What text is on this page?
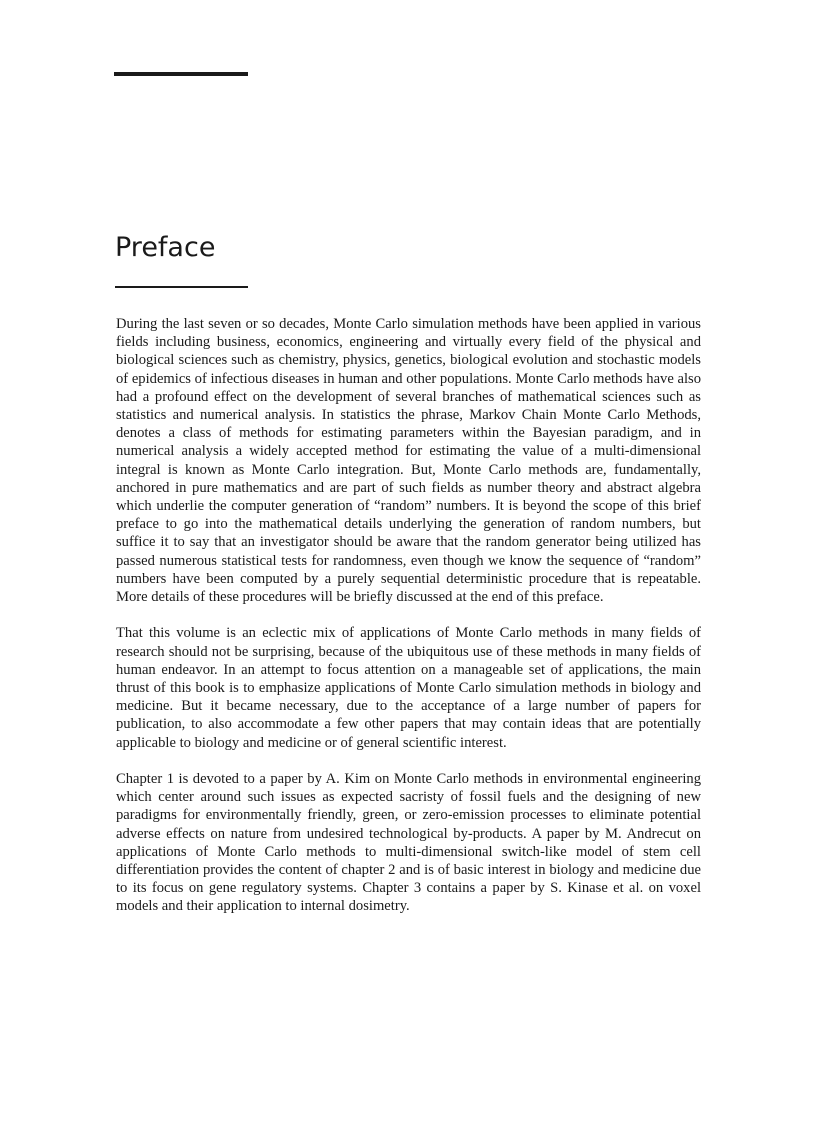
Preface

During the last seven or so decades, Monte Carlo simulation methods have been applied in various fields including business, economics, engineering and virtually every field of the physical and biological sciences such as chemistry, physics, genetics, biological evolution and stochastic models of epidemics of infectious diseases in human and other populations. Monte Carlo methods have also had a profound effect on the development of several branches of mathematical sciences such as statistics and numerical analysis. In statistics the phrase, Markov Chain Monte Carlo Methods, denotes a class of methods for estimating parameters within the Bayesian paradigm, and in numerical analysis a widely accepted method for estimating the value of a multi-dimensional integral is known as Monte Carlo integration. But, Monte Carlo methods are, fundamentally, anchored in pure mathematics and are part of such fields as number theory and abstract algebra which underlie the computer generation of “random” numbers. It is beyond the scope of this brief preface to go into the mathematical details underlying the generation of random numbers, but suffice it to say that an investigator should be aware that the random generator being utilized has passed numerous statistical tests for randomness, even though we know the sequence of “random” numbers have been computed by a purely sequential deterministic procedure that is repeatable. More details of these procedures will be briefly discussed at the end of this preface.

That this volume is an eclectic mix of applications of Monte Carlo methods in many fields of research should not be surprising, because of the ubiquitous use of these methods in many fields of human endeavor. In an attempt to focus attention on a manageable set of applications, the main thrust of this book is to emphasize applications of Monte Carlo simulation methods in biology and medicine. But it became necessary, due to the acceptance of a large number of papers for publication, to also accommodate a few other papers that may contain ideas that are potentially applicable to biology and medicine or of general scientific interest.

Chapter 1 is devoted to a paper by A. Kim on Monte Carlo methods in environmental engineering which center around such issues as expected sacristy of fossil fuels and the designing of new paradigms for environmentally friendly, green, or zero-emission processes to eliminate potential adverse effects on nature from undesired technological by-products. A paper by M. Andrecut on applications of Monte Carlo methods to multi-dimensional switch-like model of stem cell differentiation provides the content of chapter 2 and is of basic interest in biology and medicine due to its focus on gene regulatory systems. Chapter 3 contains a paper by S. Kinase et al. on voxel models and their application to internal dosimetry.
